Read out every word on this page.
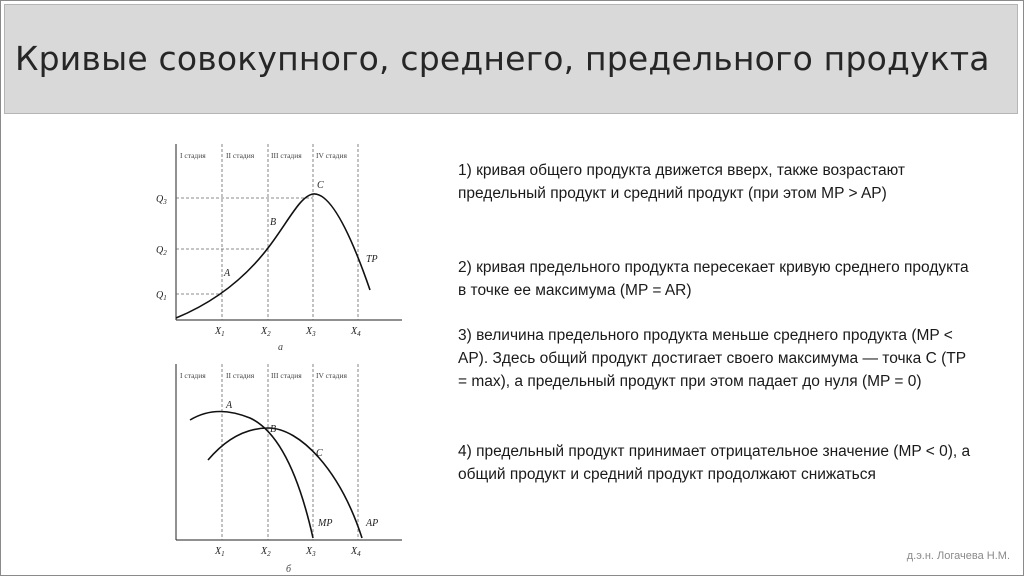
Кривые совокупного, среднего, предельного продукта
I стадия	II стадия III стадия IV стадия
A
B
C
TP
Q1
Q2
Q3
X1	X2	X3	X4
а
I стадия	II стадия III стадия IV стадия
A
B
C
MP	AP
X1	X2	X3	X4
б
1) кривая общего продукта движется вверх, также возрастают предельный продукт и средний продукт (при этом MP > AP)
2) кривая предельного продукта пересекает кривую среднего продукта в точке ее максимума (MP = AR)
3) величина предельного продукта меньше среднего продукта (MP < AP). Здесь общий продукт достигает своего максимума — точка С (TP = max), а предельный продукт при этом падает до нуля (MP = 0)
4) предельный продукт принимает отрицательное значение (MP < 0), а общий продукт и средний продукт продолжают снижаться
д.э.н. Логачева Н.М.
